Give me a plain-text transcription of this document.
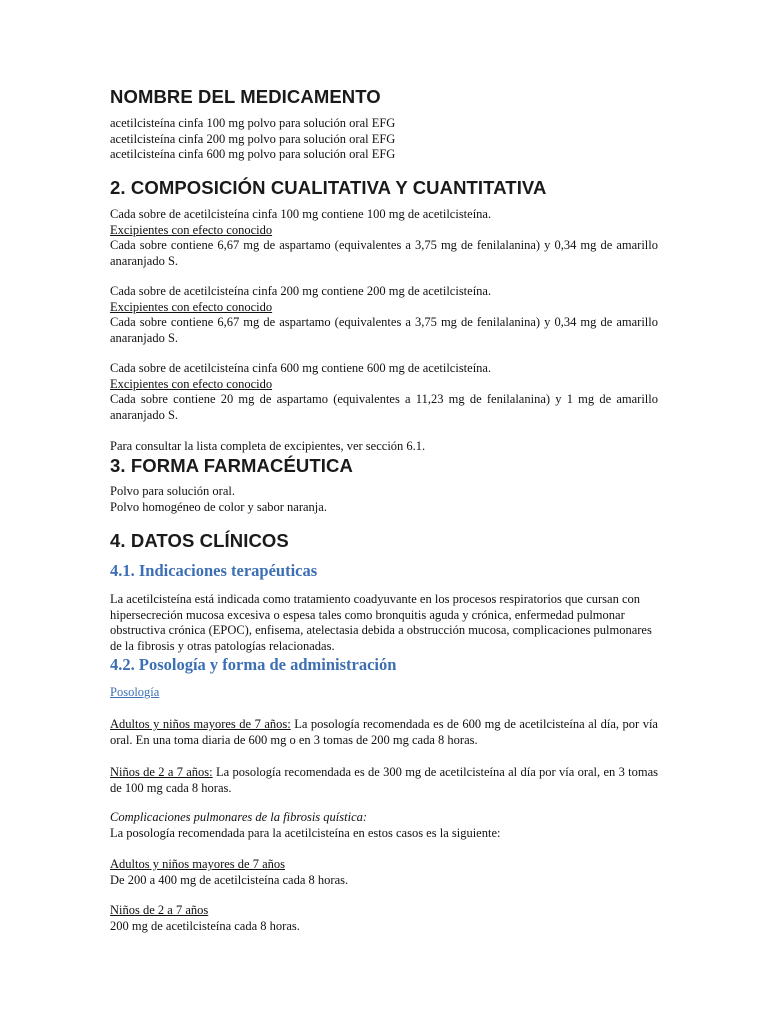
NOMBRE DEL MEDICAMENTO

acetilcisteína cinfa 100 mg polvo para solución oral EFG

acetilcisteína cinfa 200 mg polvo para solución oral EFG

acetilcisteína cinfa 600 mg polvo para solución oral EFG

2. COMPOSICIÓN CUALITATIVA Y CUANTITATIVA

Cada sobre de acetilcisteína cinfa 100 mg contiene 100 mg de acetilcisteína.

Excipientes con efecto conocido

Cada sobre contiene 6,67 mg de aspartamo (equivalentes a 3,75 mg de fenilalanina) y 0,34 mg de amarillo anaranjado S.

Cada sobre de acetilcisteína cinfa 200 mg contiene 200 mg de acetilcisteína.

Excipientes con efecto conocido

Cada sobre contiene 6,67 mg de aspartamo (equivalentes a 3,75 mg de fenilalanina) y 0,34 mg de amarillo anaranjado S.

Cada sobre de acetilcisteína cinfa 600 mg contiene 600 mg de acetilcisteína.

Excipientes con efecto conocido

Cada sobre contiene 20 mg de aspartamo (equivalentes a 11,23 mg de fenilalanina) y 1 mg de amarillo anaranjado S.

Para consultar la lista completa de excipientes, ver sección 6.1.

3. FORMA FARMACÉUTICA

Polvo para solución oral.

Polvo homogéneo de color y sabor naranja.

4. DATOS CLÍNICOS
4.1. Indicaciones terapéuticas

La acetilcisteína está indicada como tratamiento coadyuvante en los procesos respiratorios que cursan con hipersecreción mucosa excesiva o espesa tales como bronquitis aguda y crónica, enfermedad pulmonar obstructiva crónica (EPOC), enfisema, atelectasia debida a obstrucción mucosa, complicaciones pulmonares de la fibrosis y otras patologías relacionadas.

4.2. Posología y forma de administración

Posología

Adultos y niños mayores de 7 años: La posología recomendada es de 600 mg de acetilcisteína al día, por vía oral. En una toma diaria de 600 mg o en 3 tomas de 200 mg cada 8 horas.

Niños de 2 a 7 años: La posología recomendada es de 300 mg de acetilcisteína al día por vía oral, en 3 tomas de 100 mg cada 8 horas.

Complicaciones pulmonares de la fibrosis quística:

La posología recomendada para la acetilcisteína en estos casos es la siguiente:

Adultos y niños mayores de 7 años

De 200 a 400 mg de acetilcisteína cada 8 horas.

Niños de 2 a 7 años

200 mg de acetilcisteína cada 8 horas.
